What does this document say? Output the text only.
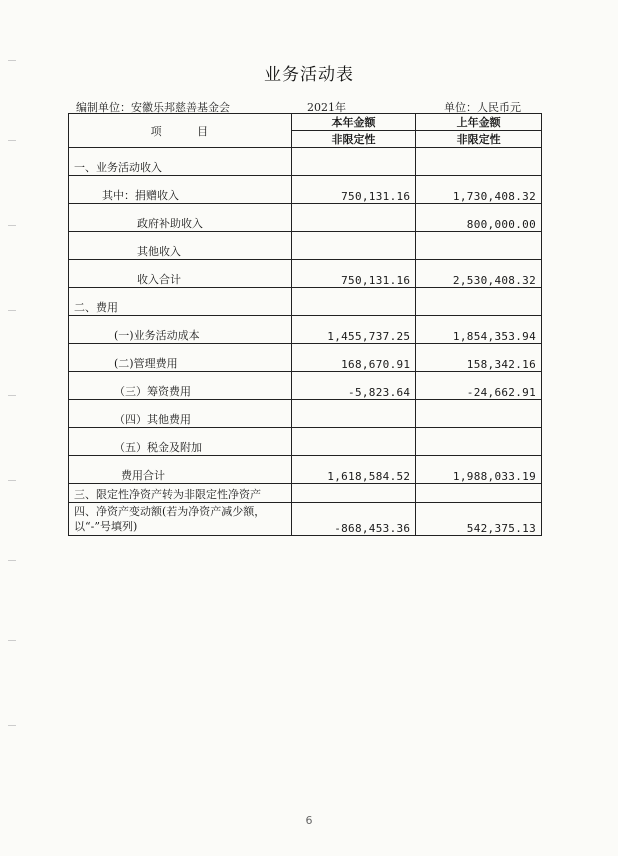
业务活动表
编制单位：安徽乐邦慈善基金会	2021年	单位：人民币元
项 目	本年金额	上年金额
	非限定性	非限定性
一、业务活动收入		
其中：捐赠收入	750,131.16	1,730,408.32
政府补助收入		800,000.00
其他收入		
收入合计	750,131.16	2,530,408.32
二、费用		
(一)业务活动成本	1,455,737.25	1,854,353.94
(二)管理费用	168,670.91	158,342.16
（三）筹资费用	-5,823.64	-24,662.91
（四）其他费用		
（五）税金及附加		
费用合计	1,618,584.52	1,988,033.19
三、限定性净资产转为非限定性净资产		
四、净资产变动额(若为净资产减少额，以“-”号填列)	-868,453.36	542,375.13
6
